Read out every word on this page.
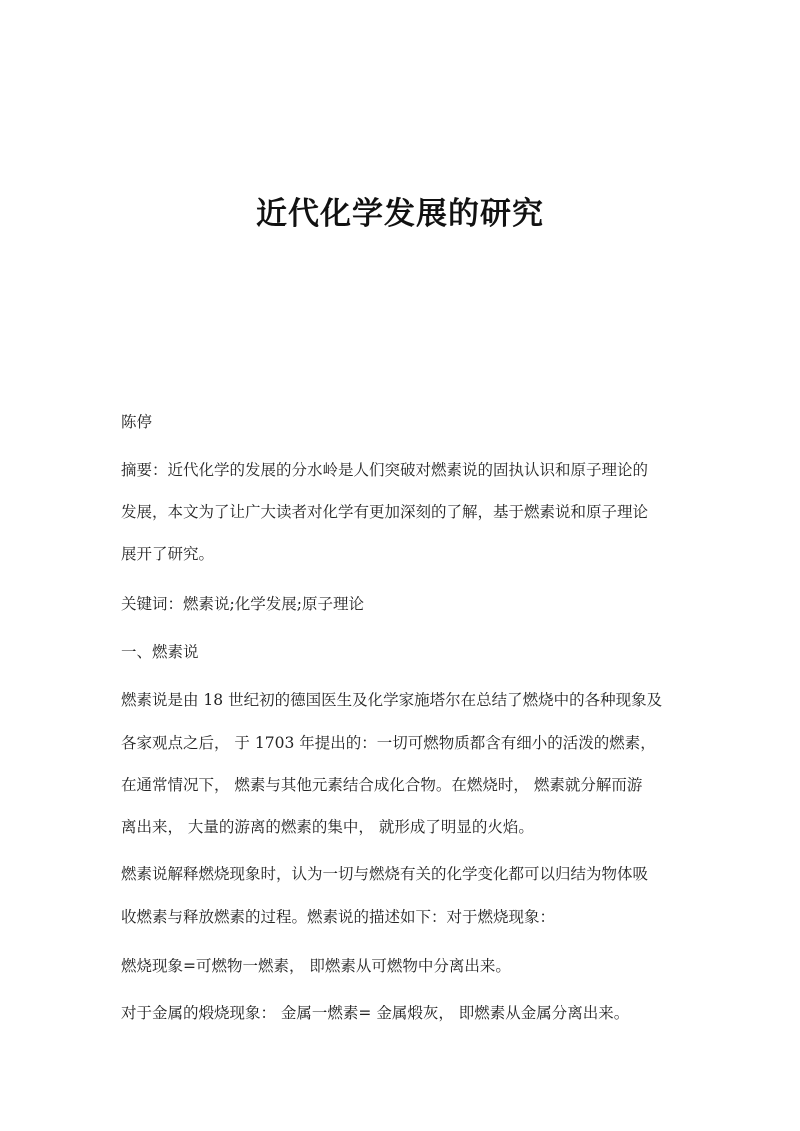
近代化学发展的研究
陈停
摘要：近代化学的发展的分水岭是人们突破对燃素说的固执认识和原子理论的
发展，本文为了让广大读者对化学有更加深刻的了解，基于燃素说和原子理论
展开了研究。
关键词：燃素说;化学发展;原子理论
一、燃素说
燃素说是由 18 世纪初的德国医生及化学家施塔尔在总结了燃烧中的各种现象及
各家观点之后， 于 1703 年提出的：一切可燃物质都含有细小的活泼的燃素，
在通常情况下， 燃素与其他元素结合成化合物。在燃烧时， 燃素就分解而游
离出来， 大量的游离的燃素的集中， 就形成了明显的火焰。
燃素说解释燃烧现象时，认为一切与燃烧有关的化学变化都可以归结为物体吸
收燃素与释放燃素的过程。燃素说的描述如下：对于燃烧现象：
燃烧现象=可燃物一燃素， 即燃素从可燃物中分离出来。
对于金属的煅烧现象： 金属一燃素= 金属煅灰， 即燃素从金属分离出来。
